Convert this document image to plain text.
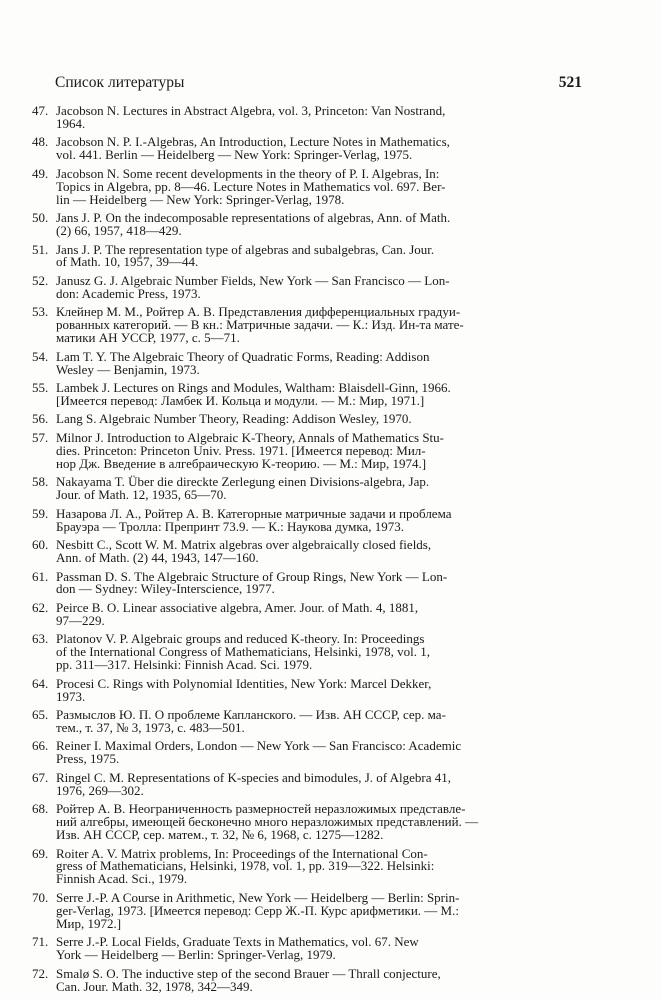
Список литературы	521
47. Jacobson N. Lectures in Abstract Algebra, vol. 3, Princeton: Van Nostrand,
1964.
48. Jacobson N. P. I.-Algebras, An Introduction, Lecture Notes in Mathematics,
vol. 441. Berlin — Heidelberg — New York: Springer-Verlag, 1975.
49. Jacobson N. Some recent developments in the theory of P. I. Algebras, In:
Topics in Algebra, pp. 8—46. Lecture Notes in Mathematics vol. 697. Ber-
lin — Heidelberg — New York: Springer-Verlag, 1978.
50. Jans J. P. On the indecomposable representations of algebras, Ann. of Math.
(2) 66, 1957, 418—429.
51. Jans J. P. The representation type of algebras and subalgebras, Can. Jour.
of Math. 10, 1957, 39—44.
52. Janusz G. J. Algebraic Number Fields, New York — San Francisco — Lon-
don: Academic Press, 1973.
53. Клейнер М. М., Ройтер А. В. Представления дифференциальных градуи-
рованных категорий. — В кн.: Матричные задачи. — К.: Изд. Ин-та мате-
матики АН УССР, 1977, с. 5—71.
54. Lam T. Y. The Algebraic Theory of Quadratic Forms, Reading: Addison
Wesley — Benjamin, 1973.
55. Lambek J. Lectures on Rings and Modules, Waltham: Blaisdell-Ginn, 1966.
[Имеется перевод: Ламбек И. Кольца и модули. — М.: Мир, 1971.]
56. Lang S. Algebraic Number Theory, Reading: Addison Wesley, 1970.
57. Milnor J. Introduction to Algebraic K-Theory, Annals of Mathematics Stu-
dies. Princeton: Princeton Univ. Press. 1971. [Имеется перевод: Мил-
нор Дж. Введение в алгебраическую K-теорию. — М.: Мир, 1974.]
58. Nakayama T. Über die direckte Zerlegung einen Divisions-algebra, Jap.
Jour. of Math. 12, 1935, 65—70.
59. Назарова Л. А., Ройтер А. В. Категорные матричные задачи и проблема
Брауэра — Тролла: Препринт 73.9. — К.: Наукова думка, 1973.
60. Nesbitt C., Scott W. M. Matrix algebras over algebraically closed fields,
Ann. of Math. (2) 44, 1943, 147—160.
61. Passman D. S. The Algebraic Structure of Group Rings, New York — Lon-
don — Sydney: Wiley-Interscience, 1977.
62. Peirce B. O. Linear associative algebra, Amer. Jour. of Math. 4, 1881,
97—229.
63. Platonov V. P. Algebraic groups and reduced K-theory. In: Proceedings
of the International Congress of Mathematicians, Helsinki, 1978, vol. 1,
pp. 311—317. Helsinki: Finnish Acad. Sci. 1979.
64. Procesi C. Rings with Polynomial Identities, New York: Marcel Dekker,
1973.
65. Размыслов Ю. П. О проблеме Капланского. — Изв. АН СССР, сер. ма-
тем., т. 37, № 3, 1973, с. 483—501.
66. Reiner I. Maximal Orders, London — New York — San Francisco: Academic
Press, 1975.
67. Ringel C. M. Representations of K-species and bimodules, J. of Algebra 41,
1976, 269—302.
68. Ройтер А. В. Неограниченность размерностей неразложимых представле-
ний алгебры, имеющей бесконечно много неразложимых представлений. —
Изв. АН СССР, сер. матем., т. 32, № 6, 1968, с. 1275—1282.
69. Roiter A. V. Matrix problems, In: Proceedings of the International Con-
gress of Mathematicians, Helsinki, 1978, vol. 1, pp. 319—322. Helsinki:
Finnish Acad. Sci., 1979.
70. Serre J.-P. A Course in Arithmetic, New York — Heidelberg — Berlin: Sprin-
ger-Verlag, 1973. [Имеется перевод: Серр Ж.-П. Курс арифметики. — М.:
Мир, 1972.]
71. Serre J.-P. Local Fields, Graduate Texts in Mathematics, vol. 67. New
York — Heidelberg — Berlin: Springer-Verlag, 1979.
72. Smalø S. O. The inductive step of the second Brauer — Thrall conjecture,
Can. Jour. Math. 32, 1978, 342—349.
